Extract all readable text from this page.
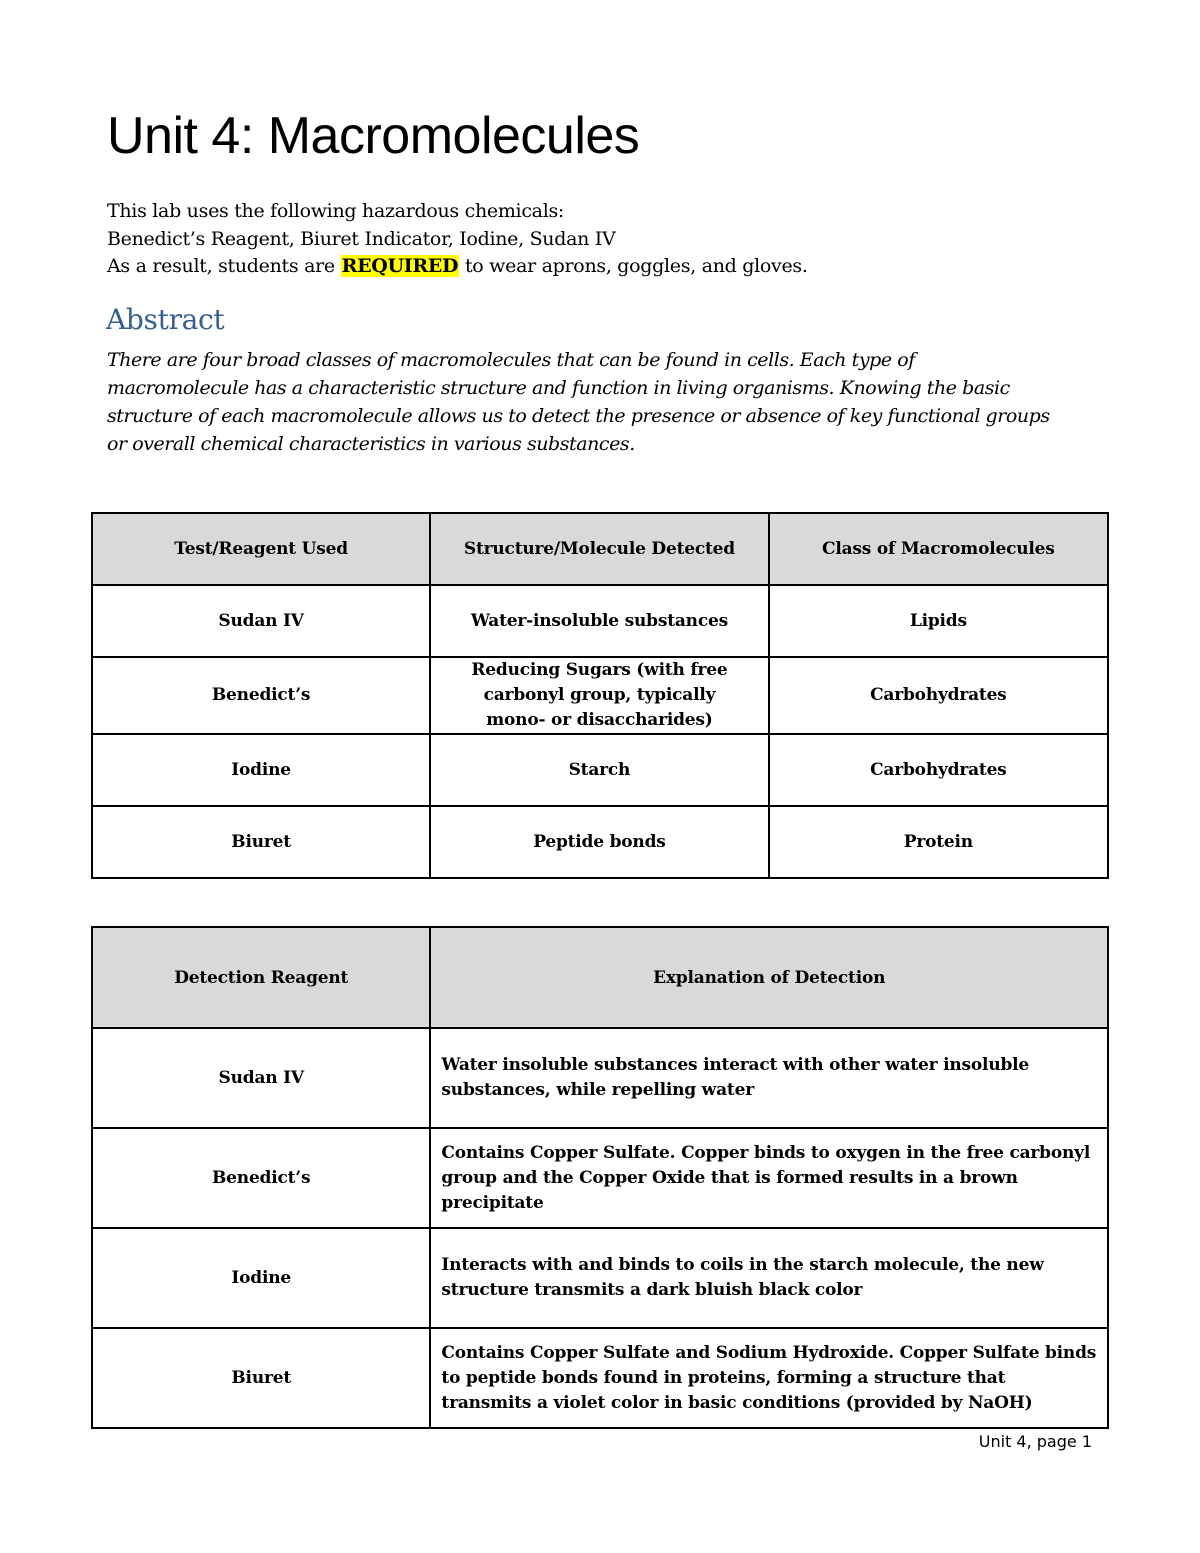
Unit 4: Macromolecules
This lab uses the following hazardous chemicals:
Benedict’s Reagent, Biuret Indicator, Iodine, Sudan IV
As a result, students are REQUIRED to wear aprons, goggles, and gloves.
Abstract
There are four broad classes of macromolecules that can be found in cells. Each type of
macromolecule has a characteristic structure and function in living organisms. Knowing the basic
structure of each macromolecule allows us to detect the presence or absence of key functional groups
or overall chemical characteristics in various substances.
Test/Reagent Used	Structure/Molecule Detected	Class of Macromolecules
Sudan IV	Water-insoluble substances	Lipids
Benedict’s	Reducing Sugars (with free carbonyl group, typically mono- or disaccharides)	Carbohydrates
Iodine	Starch	Carbohydrates
Biuret	Peptide bonds	Protein
Detection Reagent	Explanation of Detection
Sudan IV	Water insoluble substances interact with other water insoluble substances, while repelling water
Benedict’s	Contains Copper Sulfate. Copper binds to oxygen in the free carbonyl group and the Copper Oxide that is formed results in a brown precipitate
Iodine	Interacts with and binds to coils in the starch molecule, the new structure transmits a dark bluish black color
Biuret	Contains Copper Sulfate and Sodium Hydroxide. Copper Sulfate binds to peptide bonds found in proteins, forming a structure that transmits a violet color in basic conditions (provided by NaOH)
Unit 4, page 1
